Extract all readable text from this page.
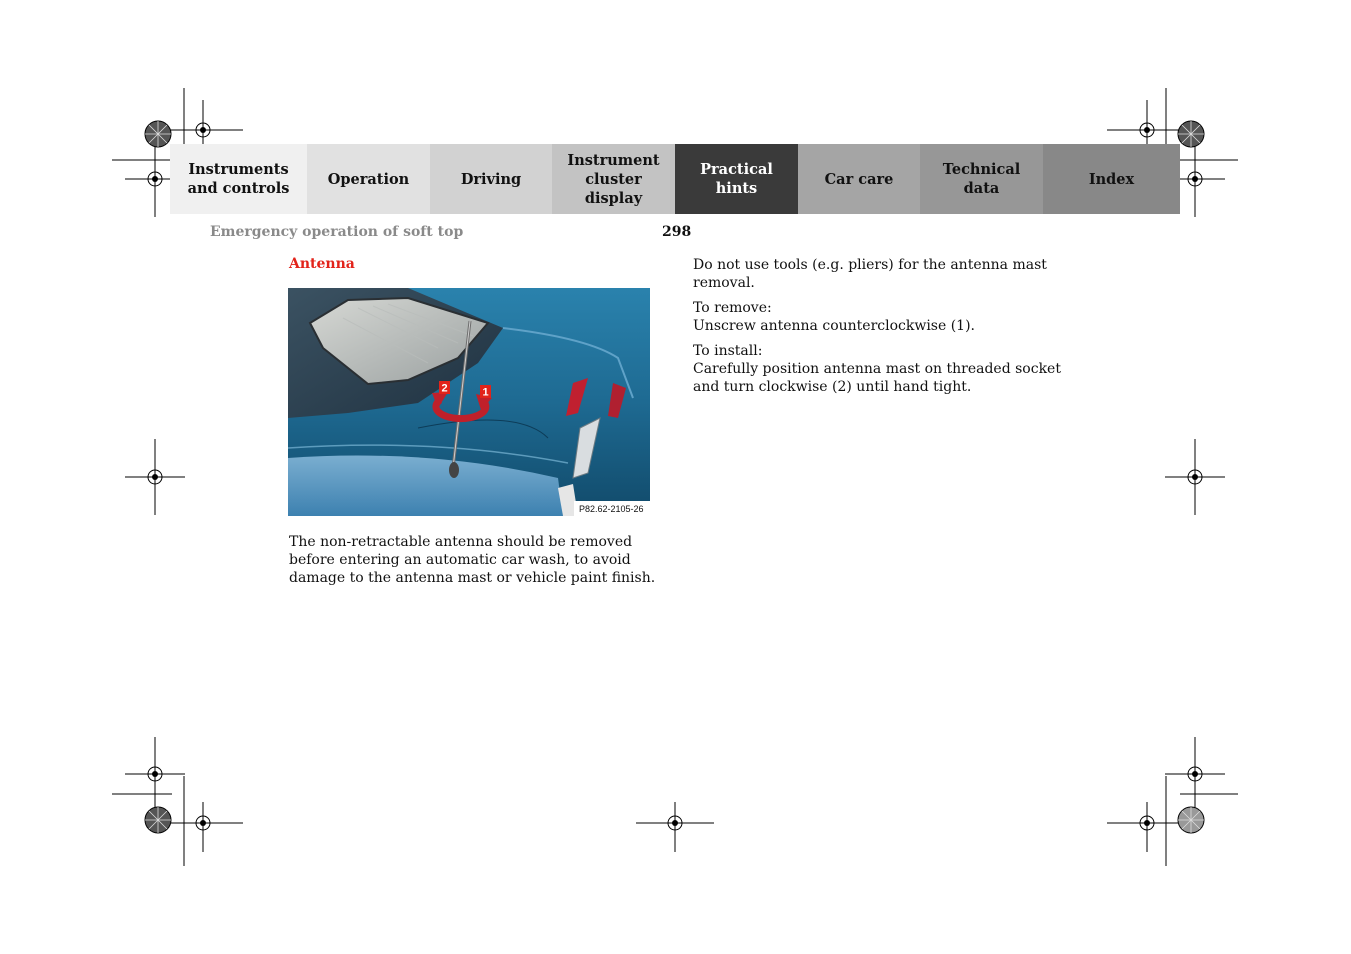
Instruments
and controls
Operation	Driving
Instrument
cluster display
Practical hints
Car care
Technical
data
Index
Emergency operation of soft top	298
Antenna
2	1
P82.62-2105-26
The non-retractable antenna should be removed before entering an automatic car wash, to avoid damage to the antenna mast or vehicle paint finish.

Do not use tools (e.g. pliers) for the antenna mast removal.

To remove:
Unscrew antenna counterclockwise (1).

To install:
Carefully position antenna mast on threaded socket and turn clockwise (2) until hand tight.
